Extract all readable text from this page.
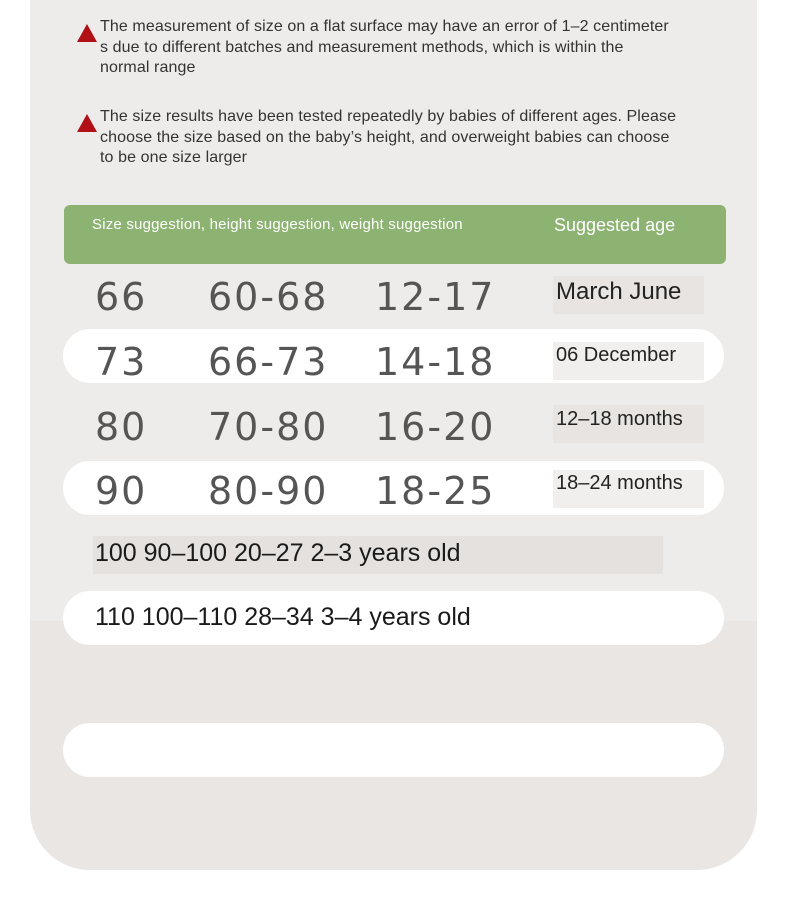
The measurement of size on a flat surface may have an error of 1–2 centimeter
s due to different batches and measurement methods, which is within the
normal range
The size results have been tested repeatedly by babies of different ages. Please
choose the size based on the baby’s height, and overweight babies can choose
to be one size larger
Size suggestion, height suggestion, weight suggestion	Suggested age
66 60-68 12-17	March June
73 66-73 14-18	06 December
80 70-80 16-20	12–18 months
90 80-90 18-25	18–24 months
100 90–100 20–27 2–3 years old
110 100–110 28–34 3–4 years old
